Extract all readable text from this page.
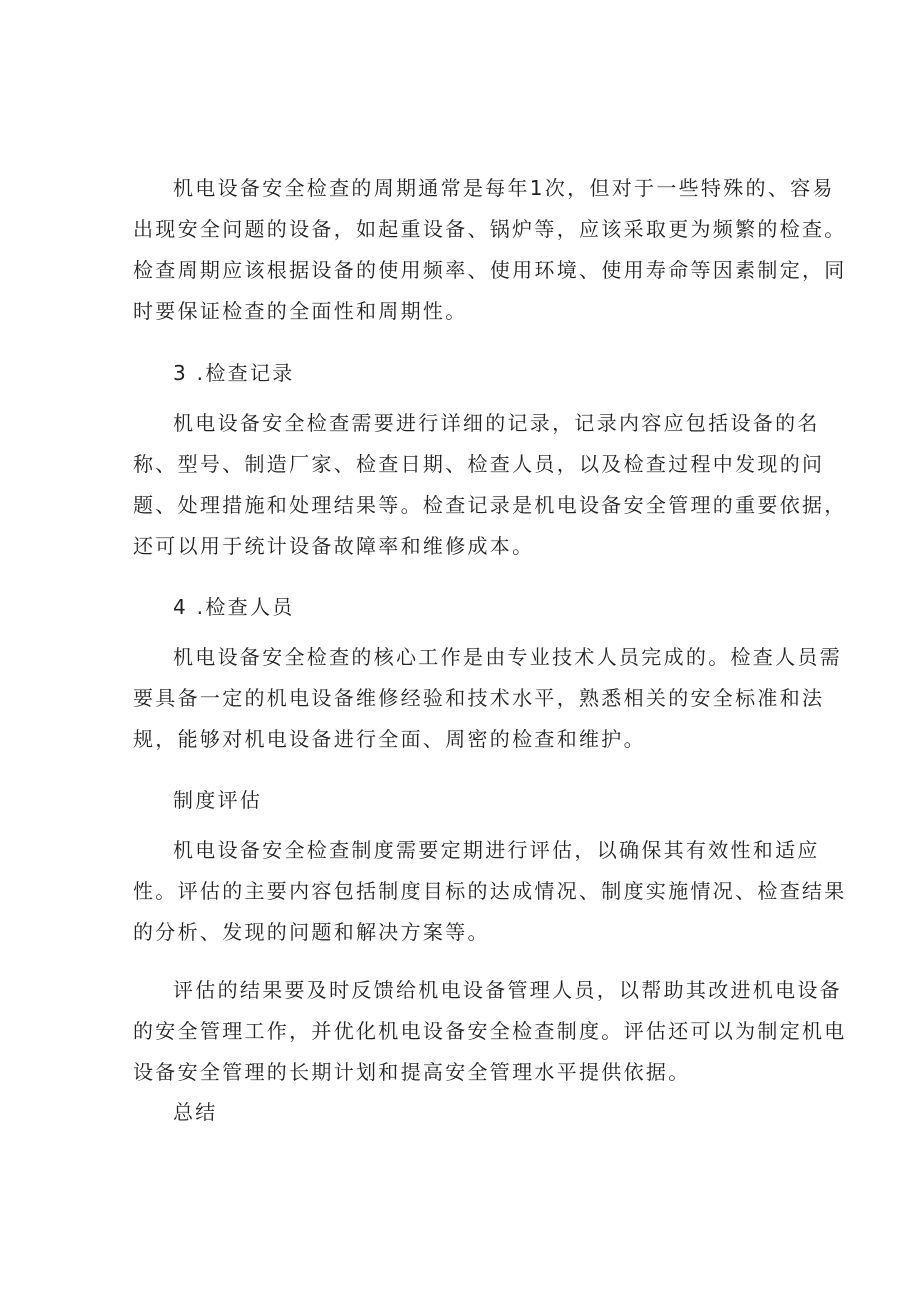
机电设备安全检查的周期通常是每年1次，但对于一些特殊的、容易
出现安全问题的设备，如起重设备、锅炉等，应该采取更为频繁的检查。
检查周期应该根据设备的使用频率、使用环境、使用寿命等因素制定，同
时要保证检查的全面性和周期性。
3 .检查记录
机电设备安全检查需要进行详细的记录，记录内容应包括设备的名
称、型号、制造厂家、检查日期、检查人员，以及检查过程中发现的问
题、处理措施和处理结果等。检查记录是机电设备安全管理的重要依据，
还可以用于统计设备故障率和维修成本。
4 .检查人员
机电设备安全检查的核心工作是由专业技术人员完成的。检查人员需
要具备一定的机电设备维修经验和技术水平，熟悉相关的安全标准和法
规，能够对机电设备进行全面、周密的检查和维护。
制度评估
机电设备安全检查制度需要定期进行评估，以确保其有效性和适应
性。评估的主要内容包括制度目标的达成情况、制度实施情况、检查结果
的分析、发现的问题和解决方案等。
评估的结果要及时反馈给机电设备管理人员，以帮助其改进机电设备
的安全管理工作，并优化机电设备安全检查制度。评估还可以为制定机电
设备安全管理的长期计划和提高安全管理水平提供依据。
总结
